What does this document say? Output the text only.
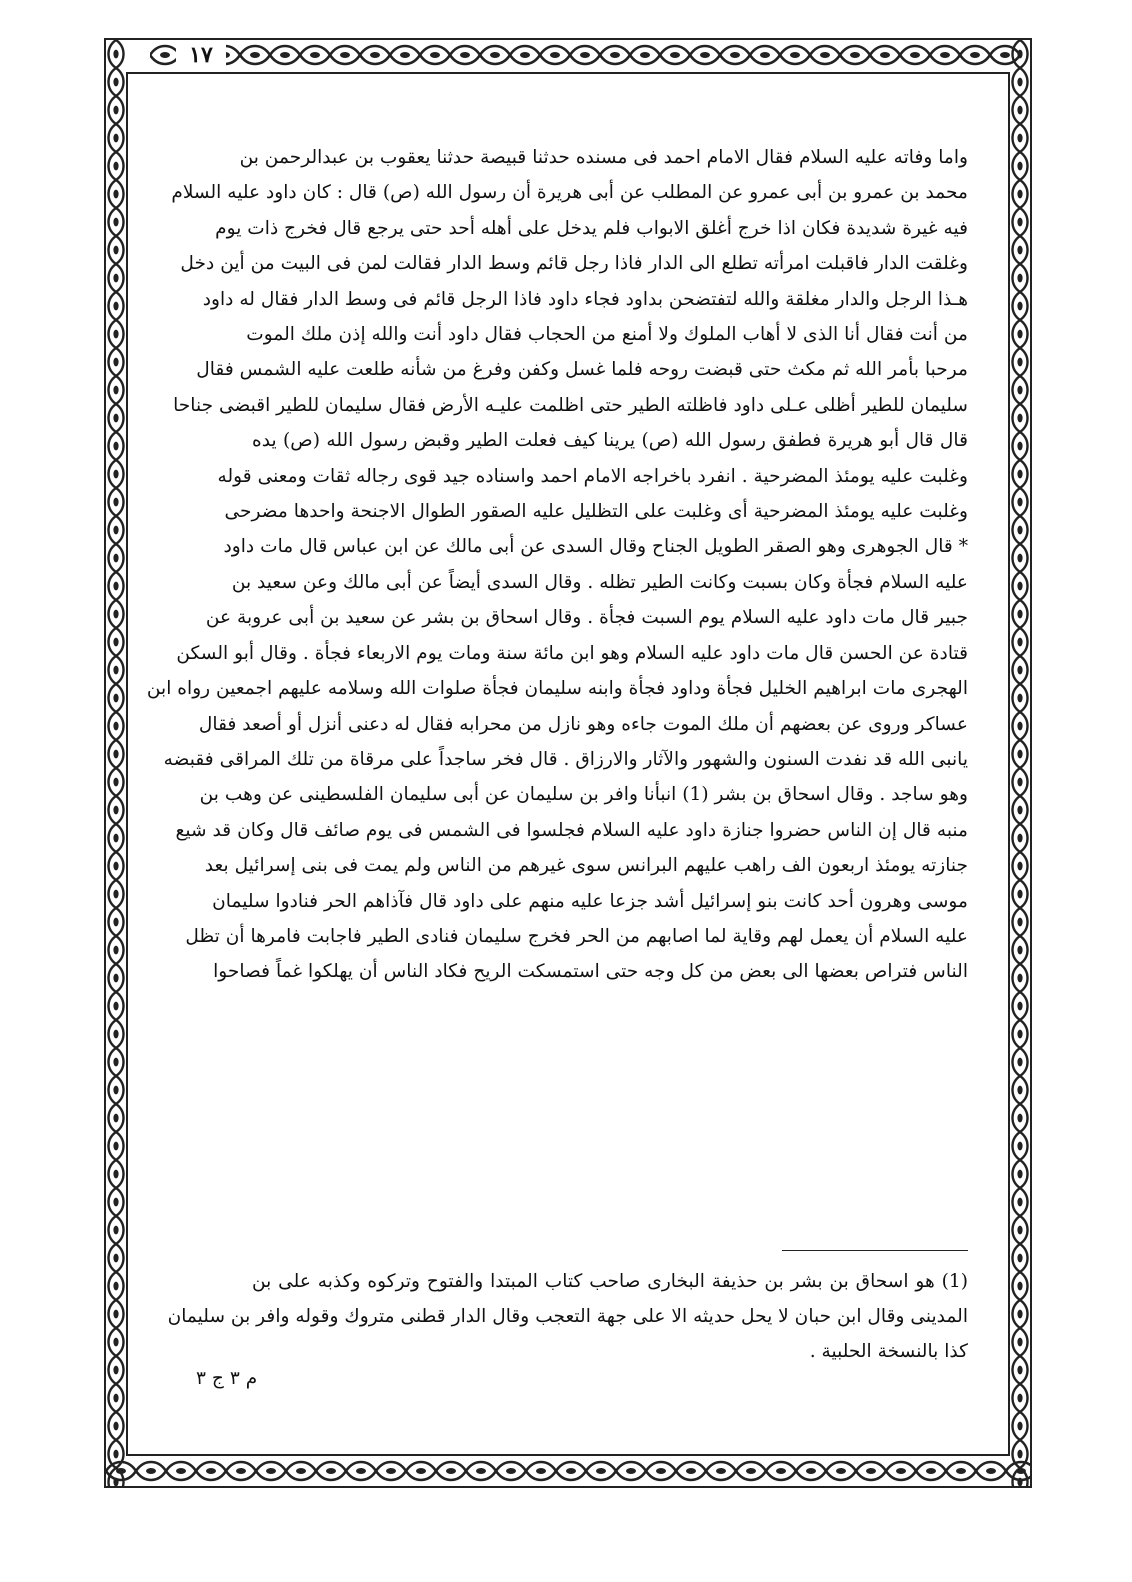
١٧
واما وفاته عليه السلام فقال الامام احمد فى مسنده حدثنا قبيصة حدثنا يعقوب بن عبدالرحمن بن
محمد بن عمرو بن أبى عمرو عن المطلب عن أبى هريرة أن رسول الله (ص) قال : كان داود عليه السلام
فيه غيرة شديدة فكان اذا خرج أغلق الابواب فلم يدخل على أهله أحد حتى يرجع قال فخرج ذات يوم
وغلقت الدار فاقبلت امرأته تطلع الى الدار فاذا رجل قائم وسط الدار فقالت لمن فى البيت من أين دخل
هـذا الرجل والدار مغلقة والله لتفتضحن بداود فجاء داود فاذا الرجل قائم فى وسط الدار فقال له داود
من أنت فقال أنا الذى لا أهاب الملوك ولا أمنع من الحجاب فقال داود أنت والله إذن ملك الموت
مرحبا بأمر الله ثم مكث حتى قبضت روحه فلما غسل وكفن وفرغ من شأنه طلعت عليه الشمس فقال
سليمان للطير أظلى عـلى داود فاظلته الطير حتى اظلمت عليـه الأرض فقال سليمان للطير اقبضى جناحا
قال قال أبو هريرة فطفق رسول الله (ص) يرينا كيف فعلت الطير وقبض رسول الله (ص) يده
وغلبت عليه يومئذ المضرحية . انفرد باخراجه الامام احمد واسناده جيد قوى رجاله ثقات ومعنى قوله
وغلبت عليه يومئذ المضرحية أى وغلبت على التظليل عليه الصقور الطوال الاجنحة واحدها مضرحى
* قال الجوهرى وهو الصقر الطويل الجناح وقال السدى عن أبى مالك عن ابن عباس قال مات داود
عليه السلام فجأة وكان بسبت وكانت الطير تظله . وقال السدى أيضاً عن أبى مالك وعن سعيد بن
جبير قال مات داود عليه السلام يوم السبت فجأة . وقال اسحاق بن بشر عن سعيد بن أبى عروبة عن
قتادة عن الحسن قال مات داود عليه السلام وهو ابن مائة سنة ومات يوم الاربعاء فجأة . وقال أبو السكن
الهجرى مات ابراهيم الخليل فجأة وداود فجأة وابنه سليمان فجأة صلوات الله وسلامه عليهم اجمعين رواه ابن
عساكر وروى عن بعضهم أن ملك الموت جاءه وهو نازل من محرابه فقال له دعنى أنزل أو أصعد فقال
يانبى الله قد نفدت السنون والشهور والآثار والارزاق . قال فخر ساجداً على مرقاة من تلك المراقى فقبضه
وهو ساجد . وقال اسحاق بن بشر (1) انبأنا وافر بن سليمان عن أبى سليمان الفلسطينى عن وهب بن
منبه قال إن الناس حضروا جنازة داود عليه السلام فجلسوا فى الشمس فى يوم صائف قال وكان قد شيع
جنازته يومئذ اربعون الف راهب عليهم البرانس سوى غيرهم من الناس ولم يمت فى بنى إسرائيل بعد
موسى وهرون أحد كانت بنو إسرائيل أشد جزعا عليه منهم على داود قال فآذاهم الحر فنادوا سليمان
عليه السلام أن يعمل لهم وقاية لما اصابهم من الحر فخرج سليمان فنادى الطير فاجابت فامرها أن تظل
الناس فتراص بعضها الى بعض من كل وجه حتى استمسكت الريح فكاد الناس أن يهلكوا غماً فصاحوا
(1) هو اسحاق بن بشر بن حذيفة البخارى صاحب كتاب المبتدا والفتوح وتركوه وكذبه على بن
المدينى وقال ابن حبان لا يحل حديثه الا على جهة التعجب وقال الدار قطنى متروك وقوله وافر بن سليمان
كذا بالنسخة الحلبية .
م ٣ ج ٣
